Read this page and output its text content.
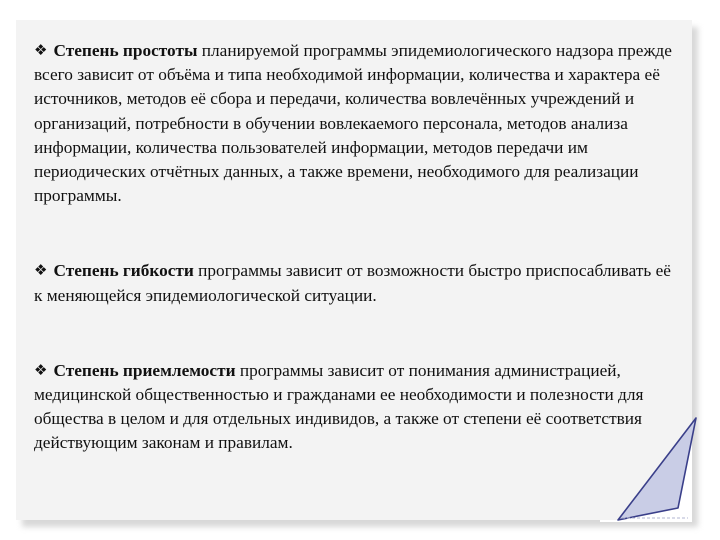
❖ Степень простоты планируемой программы эпидемиологического надзора прежде всего зависит от объёма и типа необходимой информации, количества и характера её источников, методов её сбора и передачи, количества вовлечённых учреждений и организаций, потребности в обучении вовлекаемого персонала, методов анализа информации, количества пользователей информации, методов передачи им периодических отчётных данных, а также времени, необходимого для реализации программы.

❖ Степень гибкости программы зависит от возможности быстро приспосабливать её к меняющейся эпидемиологической ситуации.

❖ Степень приемлемости программы зависит от понимания администрацией, медицинской общественностью и гражданами ее необходимости и полезности для общества в целом и для отдельных индивидов, а также от степени её соответствия действующим законам и правилам.
